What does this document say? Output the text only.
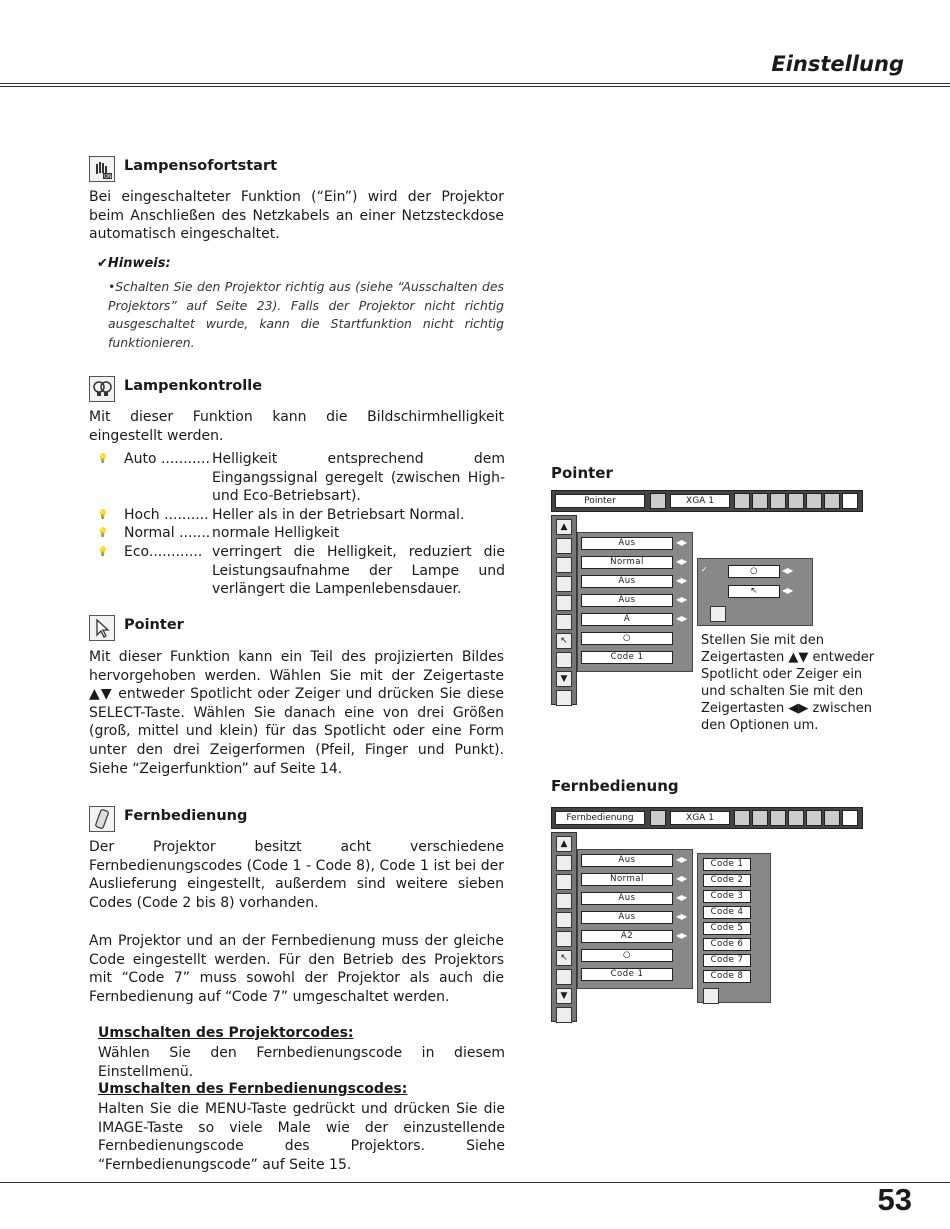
Einstellung
ON
Lampensofortstart
Bei eingeschalteter Funktion (“Ein”) wird der Projektor beim Anschließen des Netzkabels an einer Netzsteckdose automatisch eingeschaltet.
✔Hinweis:
•Schalten Sie den Projektor richtig aus (siehe “Ausschalten des Projektors” auf Seite 23). Falls der Projektor nicht richtig ausgeschaltet wurde, kann die Startfunktion nicht richtig funktionieren.
Lampenkontrolle
Mit dieser Funktion kann die Bildschirmhelligkeit eingestellt werden.
💡	Auto ........... Helligkeit entsprechend dem Eingangssignal geregelt (zwischen High- und Eco-Betriebsart).
💡	Hoch .......... Heller als in der Betriebsart Normal.
💡	Normal ....... normale Helligkeit
💡	Eco............ verringert die Helligkeit, reduziert die Leistungsaufnahme der Lampe und verlängert die Lampenlebensdauer.
Pointer
Mit dieser Funktion kann ein Teil des projizierten Bildes hervorgehoben werden. Wählen Sie mit der Zeigertaste ▲▼ entweder Spotlicht oder Zeiger und drücken Sie diese SELECT-Taste. Wählen Sie danach eine von drei Größen (groß, mittel und klein) für das Spotlicht oder eine Form unter den drei Zeigerformen (Pfeil, Finger und Punkt). Siehe “Zeigerfunktion” auf Seite 14.
Fernbedienung
Der Projektor besitzt acht verschiedene Fernbedienungscodes (Code 1 - Code 8), Code 1 ist bei der Auslieferung eingestellt, außerdem sind weitere sieben Codes (Code 2 bis 8) vorhanden.
Am Projektor und an der Fernbedienung muss der gleiche Code eingestellt werden. Für den Betrieb des Projektors mit “Code 7” muss sowohl der Projektor als auch die Fernbedienung auf “Code 7” umgeschaltet werden.
Umschalten des Projektorcodes:
Wählen Sie den Fernbedienungscode in diesem Einstellmenü.
Umschalten des Fernbedienungscodes:
Halten Sie die MENU-Taste gedrückt und drücken Sie die IMAGE-Taste so viele Male wie der einzustellende Fernbedienungscode des Projektors. Siehe “Fernbedienungscode” auf Seite 15.
Pointer
Pointer	XGA 1
▲
↖
▼
Aus	◀▶
Normal	◀▶
Aus	◀▶
Aus	◀▶
A	◀▶
○
Code 1
✓	○	◀▶
↖	◀▶
Stellen Sie mit den Zeigertasten ▲▼ entweder Spotlicht oder Zeiger ein und schalten Sie mit den Zeigertasten ◀▶ zwischen den Optionen um.
Fernbedienung
Fernbedienung	XGA 1
▲
↖
▼
Aus	◀▶
Normal	◀▶
Aus	◀▶
Aus	◀▶
A2	◀▶
○
Code 1
Code 1
Code 2
Code 3
Code 4
Code 5
Code 6
Code 7
Code 8
53
